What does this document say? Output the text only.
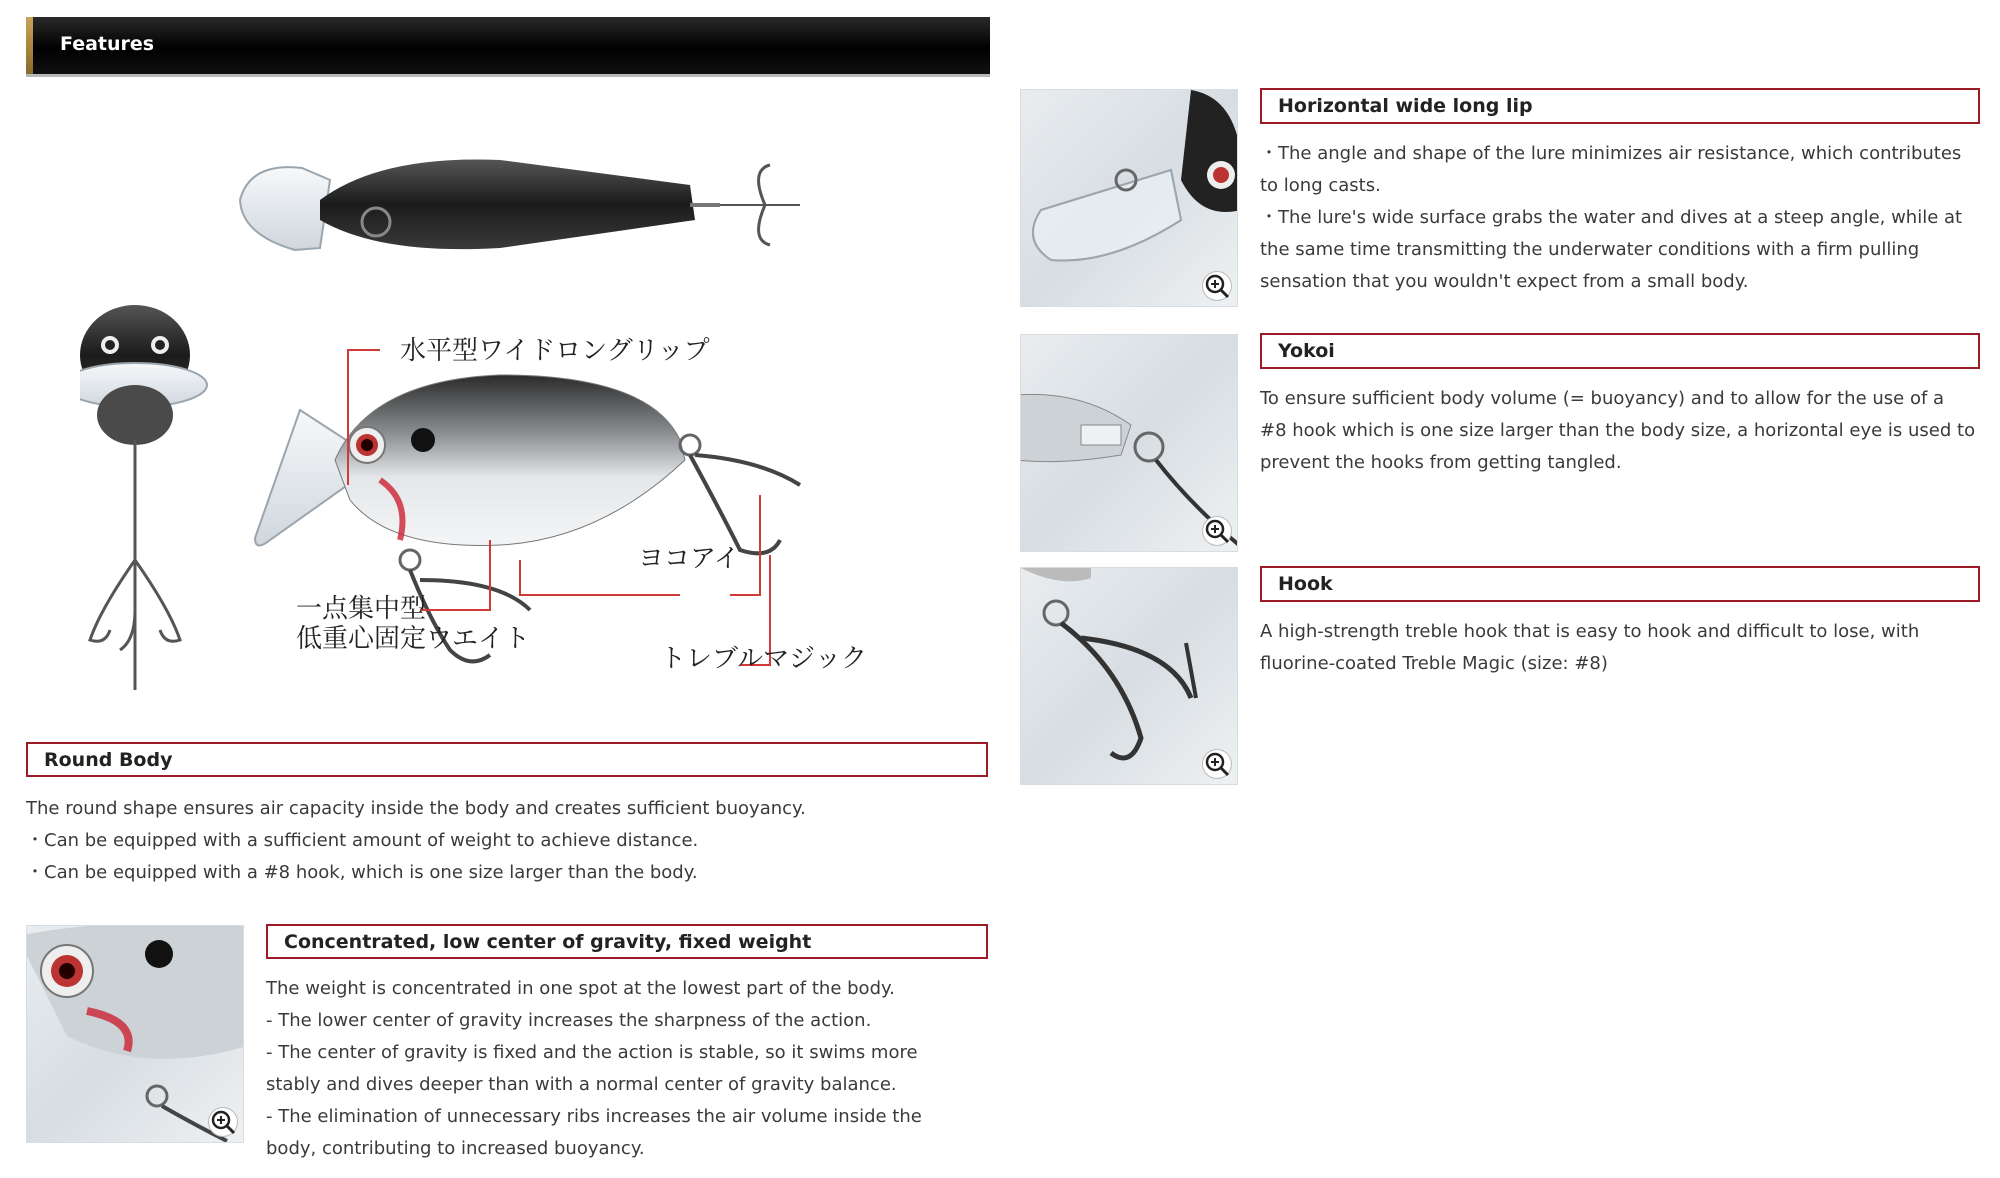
Features
水平型ワイドロングリップ
ヨコアイ
一点集中型
低重心固定ウエイト
トレブルマジック
Round Body

The round shape ensures air capacity inside the body and creates sufficient buoyancy.

・Can be equipped with a sufficient amount of weight to achieve distance.

・Can be equipped with a #8 hook, which is one size larger than the body.

Concentrated, low center of gravity, fixed weight

The weight is concentrated in one spot at the lowest part of the body.

- The lower center of gravity increases the sharpness of the action.

- The center of gravity is fixed and the action is stable, so it swims more

stably and dives deeper than with a normal center of gravity balance.

- The elimination of unnecessary ribs increases the air volume inside the

body, contributing to increased buoyancy.

Horizontal wide long lip

・The angle and shape of the lure minimizes air resistance, which contributes

to long casts.

・The lure's wide surface grabs the water and dives at a steep angle, while at

the same time transmitting the underwater conditions with a firm pulling

sensation that you wouldn't expect from a small body.

Yokoi

To ensure sufficient body volume (= buoyancy) and to allow for the use of a

#8 hook which is one size larger than the body size, a horizontal eye is used to

prevent the hooks from getting tangled.

Hook

A high-strength treble hook that is easy to hook and difficult to lose, with

fluorine-coated Treble Magic (size: #8)
